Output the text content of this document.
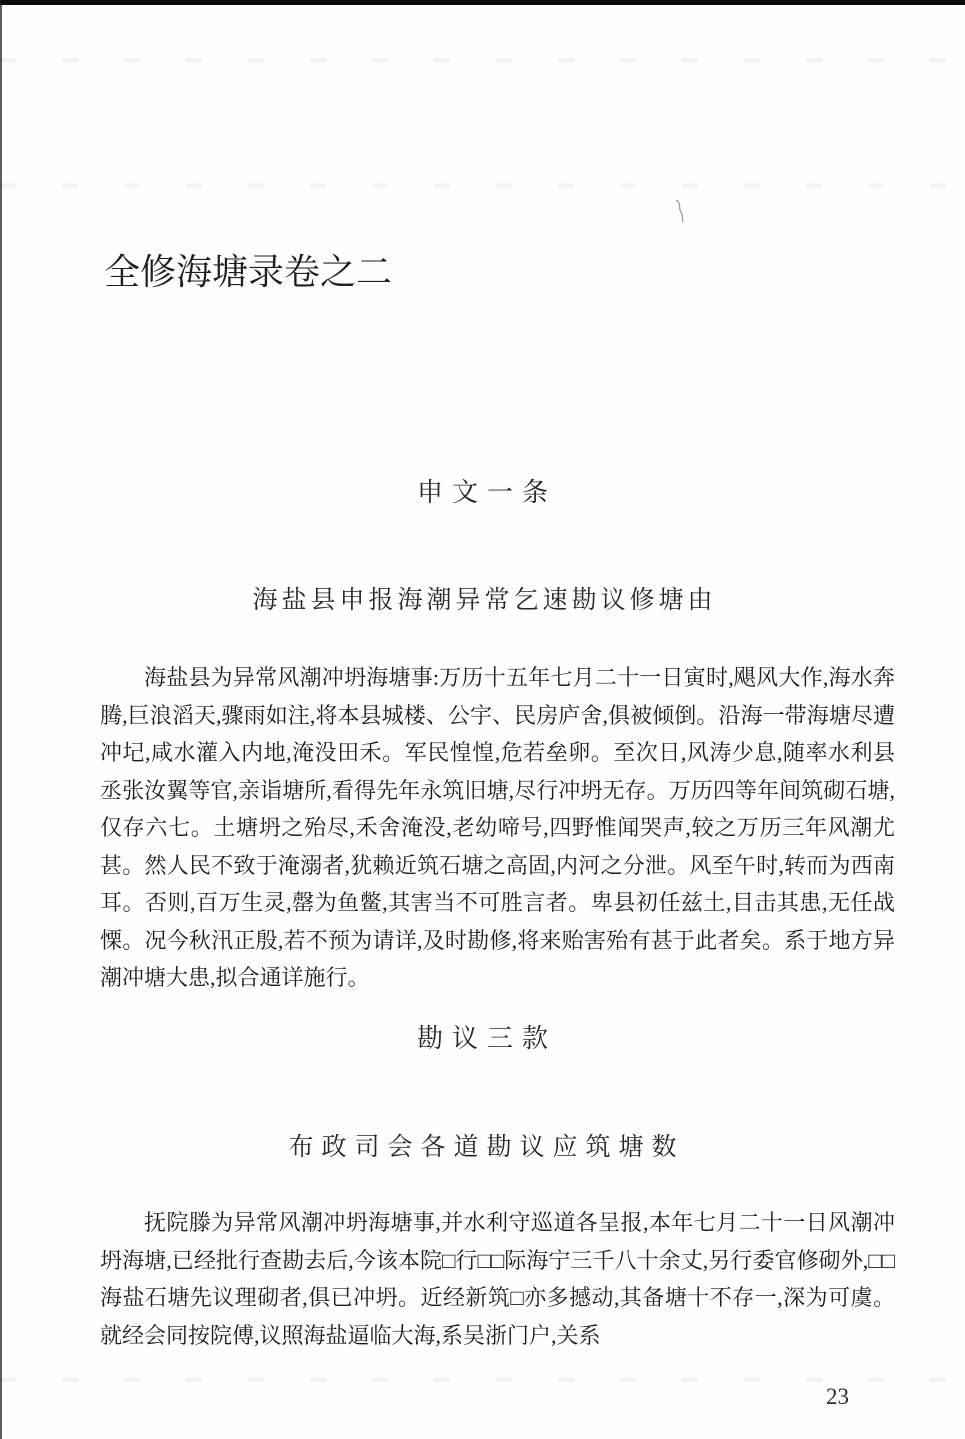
全修海塘录卷之二
申文一条
海盐县申报海潮异常乞速勘议修塘由

海盐县为异常风潮冲坍海塘事:万历十五年七月二十一日寅时,飓风大作,海水奔腾,巨浪滔天,骤雨如注,将本县城楼、公宇、民房庐舍,俱被倾倒。沿海一带海塘尽遭冲圮,咸水灌入内地,淹没田禾。军民惶惶,危若垒卵。至次日,风涛少息,随率水利县丞张汝翼等官,亲诣塘所,看得先年永筑旧塘,尽行冲坍无存。万历四等年间筑砌石塘,仅存六七。土塘坍之殆尽,禾舍淹没,老幼啼号,四野惟闻哭声,较之万历三年风潮尤甚。然人民不致于淹溺者,犹赖近筑石塘之高固,内河之分泄。风至午时,转而为西南耳。否则,百万生灵,罄为鱼鳖,其害当不可胜言者。卑县初任兹土,目击其患,无任战慄。况今秋汛正殷,若不预为请详,及时勘修,将来贻害殆有甚于此者矣。系于地方异潮冲塘大患,拟合通详施行。

勘议三款
布政司会各道勘议应筑塘数

抚院滕为异常风潮冲坍海塘事,并水利守巡道各呈报,本年七月二十一日风潮冲坍海塘,已经批行查勘去后,今该本院□行□□际海宁三千八十余丈,另行委官修砌外,□□海盐石塘先议理砌者,俱已冲坍。近经新筑□亦多撼动,其备塘十不存一,深为可虞。就经会同按院傅,议照海盐逼临大海,系吴浙门户,关系

23
